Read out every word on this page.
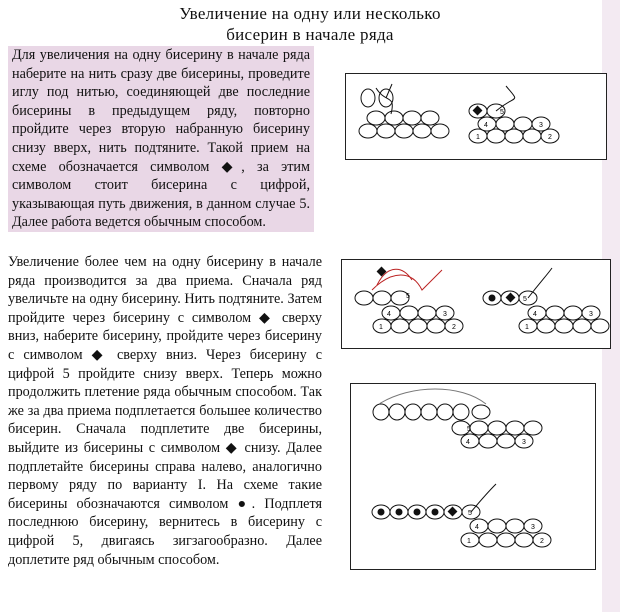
Увеличение на одну или несколько
бисерин в начале ряда

Для увеличения на одну бисерину в начале ряда наберите на нить сразу две бисерины, проведите иглу под нитью, соединяющей две последние бисерины в предыдущем ряду, повторно пройдите через вторую набранную бисерину снизу вверх, нить подтяните. Такой прием на схеме обозначается символом ◆, за этим символом стоит бисерина с цифрой, указывающая путь движения, в данном случае 5. Далее работа ведется обычным способом.

Увеличение более чем на одну бисерину в начале ряда производится за два приема. Сначала ряд увеличьте на одну бисерину. Нить подтяните. Затем пройдите через бисерину с символом ◆ сверху вниз, наберите бисерину, пройдите через бисерину с символом ◆ сверху вниз. Через бисерину с цифрой 5 пройдите снизу вверх. Теперь можно продолжить плетение ряда обычным способом. Так же за два приема подплетается большее количество бисерин. Сначала подплетите две бисерины, выйдите из бисерины с символом ◆ снизу. Далее подплетайте бисерины справа налево, аналогично первому ряду по варианту I. На схеме такие бисерины обозначаются символом ●. Подплетя последнюю бисерину, вернитесь в бисерину с цифрой 5, двигаясь зигзагообразно. Далее доплетите ряд обычным способом.

5
4	3
1	2
5	5
4	3
1	2
4	3
1
5
4	3
1	2
5
4	3
